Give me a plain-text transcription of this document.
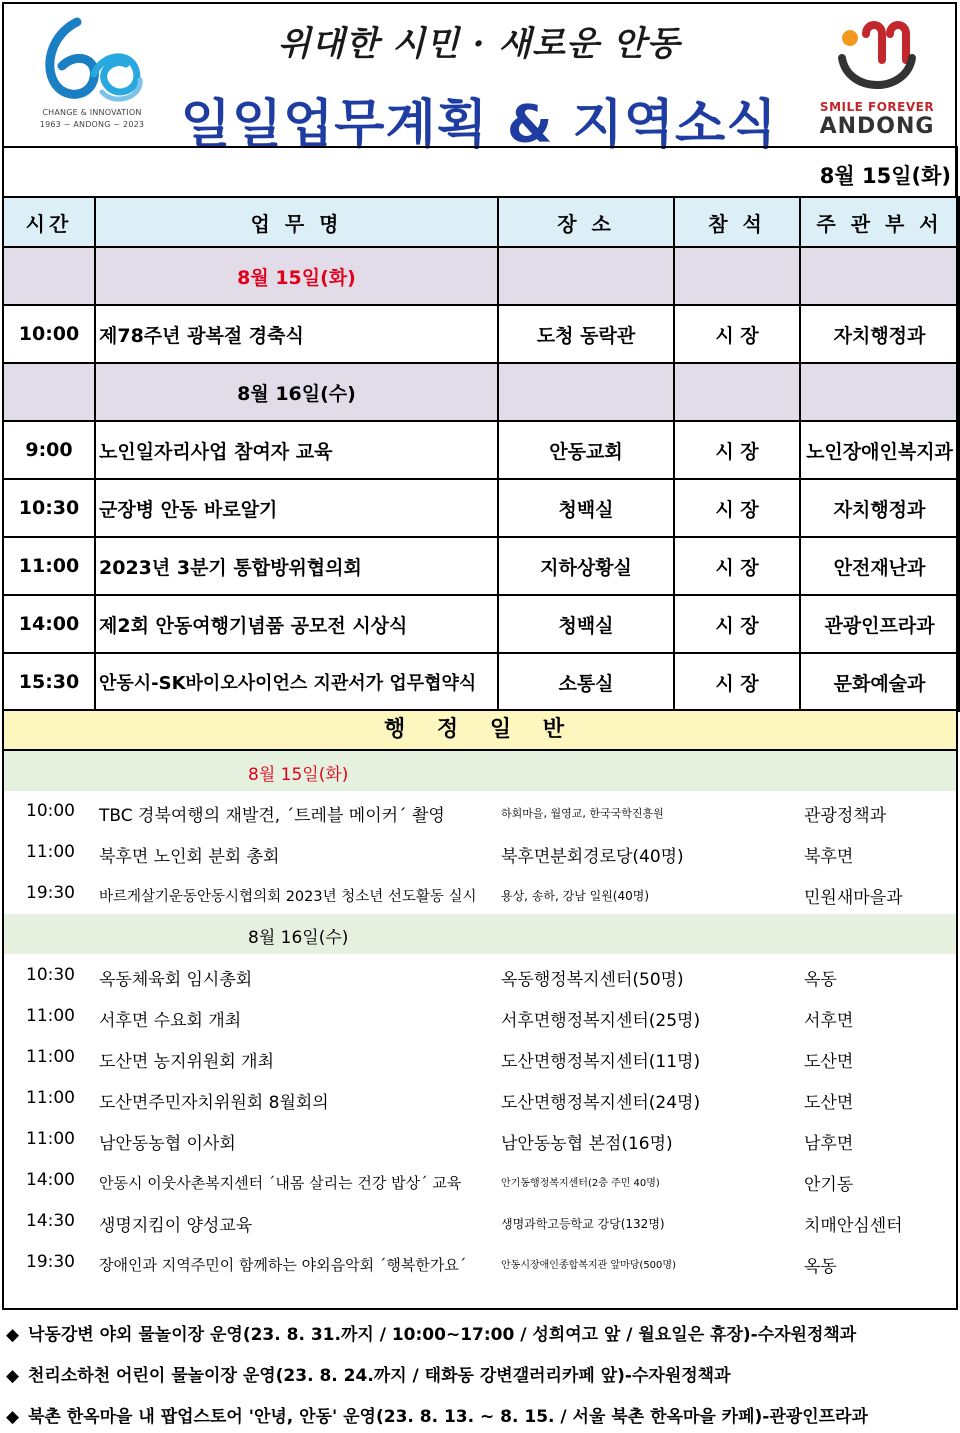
CHANGE & INNOVATION
1963 ~ ANDONG ~ 2023
위대한 시민 · 새로운 안동
일일업무계획 & 지역소식	SMILE FOREVER
ANDONG
8월 15일(화)
시간	업 무 명	장 소	참 석	주 관 부 서
	8월 15일(화)			
10:00	제78주년 광복절 경축식	도청 동락관	시 장	자치행정과
	8월 16일(수)			
9:00	노인일자리사업 참여자 교육	안동교회	시 장	노인장애인복지과
10:30	군장병 안동 바로알기	청백실	시 장	자치행정과
11:00	2023년 3분기 통합방위협의회	지하상황실	시 장	안전재난과
14:00	제2회 안동여행기념품 공모전 시상식	청백실	시 장	관광인프라과
15:30	안동시-SK바이오사이언스 지관서가 업무협약식	소통실	시 장	문화예술과
행 정 일 반
8월 15일(화)
10:00 TBC 경북여행의 재발견, ´트레블 메이커´ 촬영	하회마을, 월영교, 한국국학진흥원	관광정책과
11:00 북후면 노인회 분회 총회	북후면분회경로당(40명)	북후면
19:30 바르게살기운동안동시협의회 2023년 청소년 선도활동 실시	용상, 송하, 강남 일원(40명)	민원새마을과
8월 16일(수)
10:30 옥동체육회 임시총회	옥동행정복지센터(50명)	옥동
11:00 서후면 수요회 개최	서후면행정복지센터(25명)	서후면
11:00 도산면 농지위원회 개최	도산면행정복지센터(11명)	도산면
11:00 도산면주민자치위원회 8월회의	도산면행정복지센터(24명)	도산면
11:00 남안동농협 이사회	남안동농협 본점(16명)	남후면
14:00 안동시 이웃사촌복지센터 ´내몸 살리는 건강 밥상´ 교육	안기동행정복지센터(2층 주민 40명)	안기동
14:30 생명지킴이 양성교육	생명과학고등학교 강당(132명)	치매안심센터
19:30 장애인과 지역주민이 함께하는 야외음악회 ´행복한가요´	안동시장애인종합복지관 앞마당(500명)	옥동
◆ 낙동강변 야외 물놀이장 운영(23. 8. 31.까지 / 10:00~17:00 / 성희여고 앞 / 월요일은 휴장)-수자원정책과
◆ 천리소하천 어린이 물놀이장 운영(23. 8. 24.까지 / 태화동 강변갤러리카페 앞)-수자원정책과
◆ 북촌 한옥마을 내 팝업스토어 '안녕, 안동' 운영(23. 8. 13. ~ 8. 15. / 서울 북촌 한옥마을 카페)-관광인프라과
